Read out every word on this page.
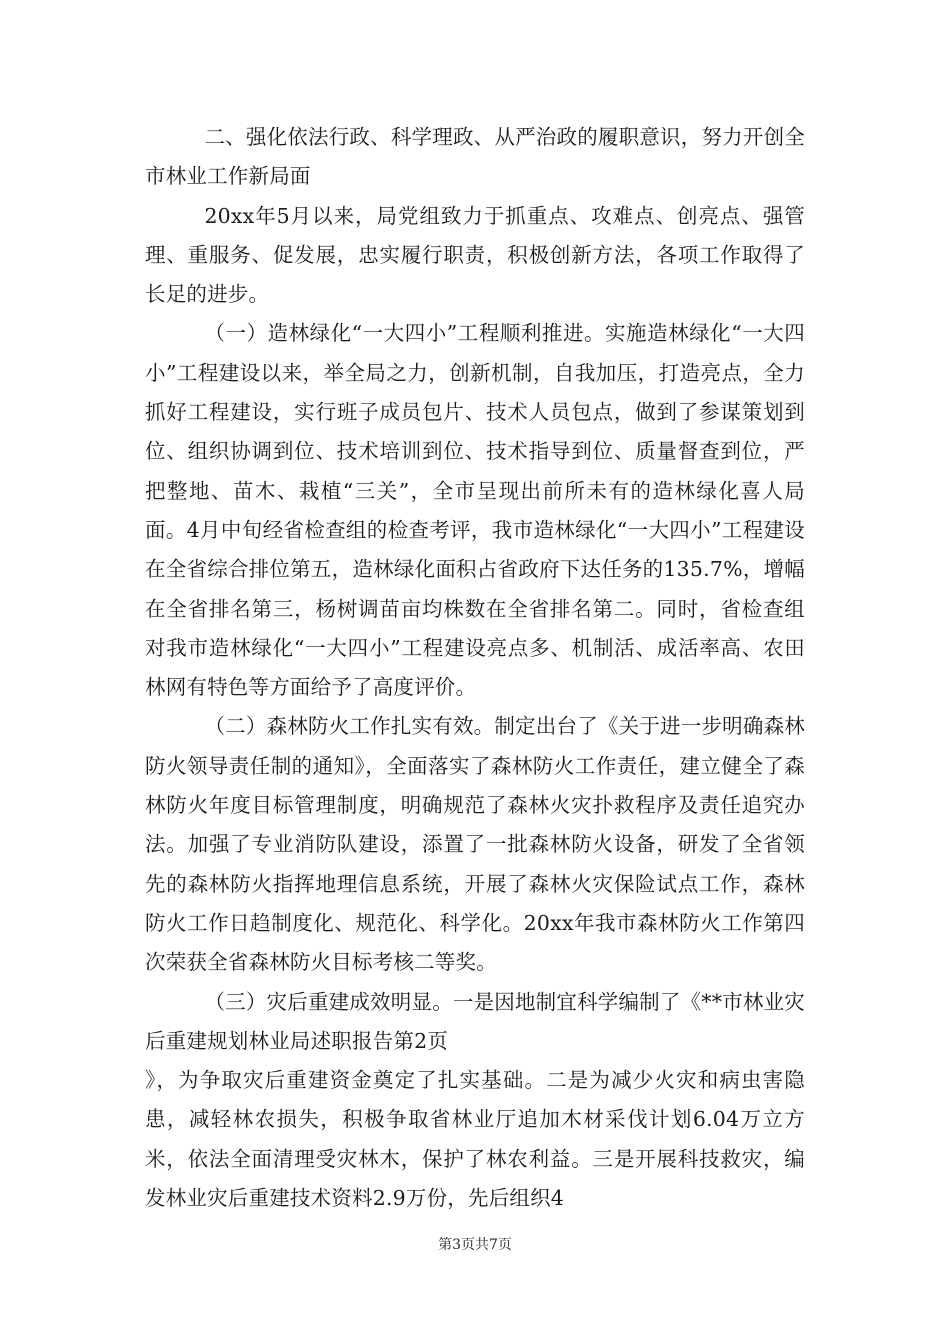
二、强化依法行政、科学理政、从严治政的履职意识，努力开创全市林业工作新局面

20xx年5月以来，局党组致力于抓重点、攻难点、创亮点、强管理、重服务、促发展，忠实履行职责，积极创新方法，各项工作取得了长足的进步。

（一）造林绿化“一大四小”工程顺利推进。实施造林绿化“一大四小”工程建设以来，举全局之力，创新机制，自我加压，打造亮点，全力抓好工程建设，实行班子成员包片、技术人员包点，做到了参谋策划到位、组织协调到位、技术培训到位、技术指导到位、质量督查到位，严把整地、苗木、栽植“三关”，全市呈现出前所未有的造林绿化喜人局面。4月中旬经省检查组的检查考评，我市造林绿化“一大四小”工程建设在全省综合排位第五，造林绿化面积占省政府下达任务的135.7%，增幅在全省排名第三，杨树调苗亩均株数在全省排名第二。同时，省检查组对我市造林绿化“一大四小”工程建设亮点多、机制活、成活率高、农田林网有特色等方面给予了高度评价。

（二）森林防火工作扎实有效。制定出台了《关于进一步明确森林防火领导责任制的通知》，全面落实了森林防火工作责任，建立健全了森林防火年度目标管理制度，明确规范了森林火灾扑救程序及责任追究办法。加强了专业消防队建设，添置了一批森林防火设备，研发了全省领先的森林防火指挥地理信息系统，开展了森林火灾保险试点工作，森林防火工作日趋制度化、规范化、科学化。20xx年我市森林防火工作第四次荣获全省森林防火目标考核二等奖。

（三）灾后重建成效明显。一是因地制宜科学编制了《**市林业灾后重建规划林业局述职报告第2页

》，为争取灾后重建资金奠定了扎实基础。二是为减少火灾和病虫害隐患，减轻林农损失，积极争取省林业厅追加木材采伐计划6.04万立方米，依法全面清理受灾林木，保护了林农利益。三是开展科技救灾，编发林业灾后重建技术资料2.9万份，先后组织4

第3页共7页
